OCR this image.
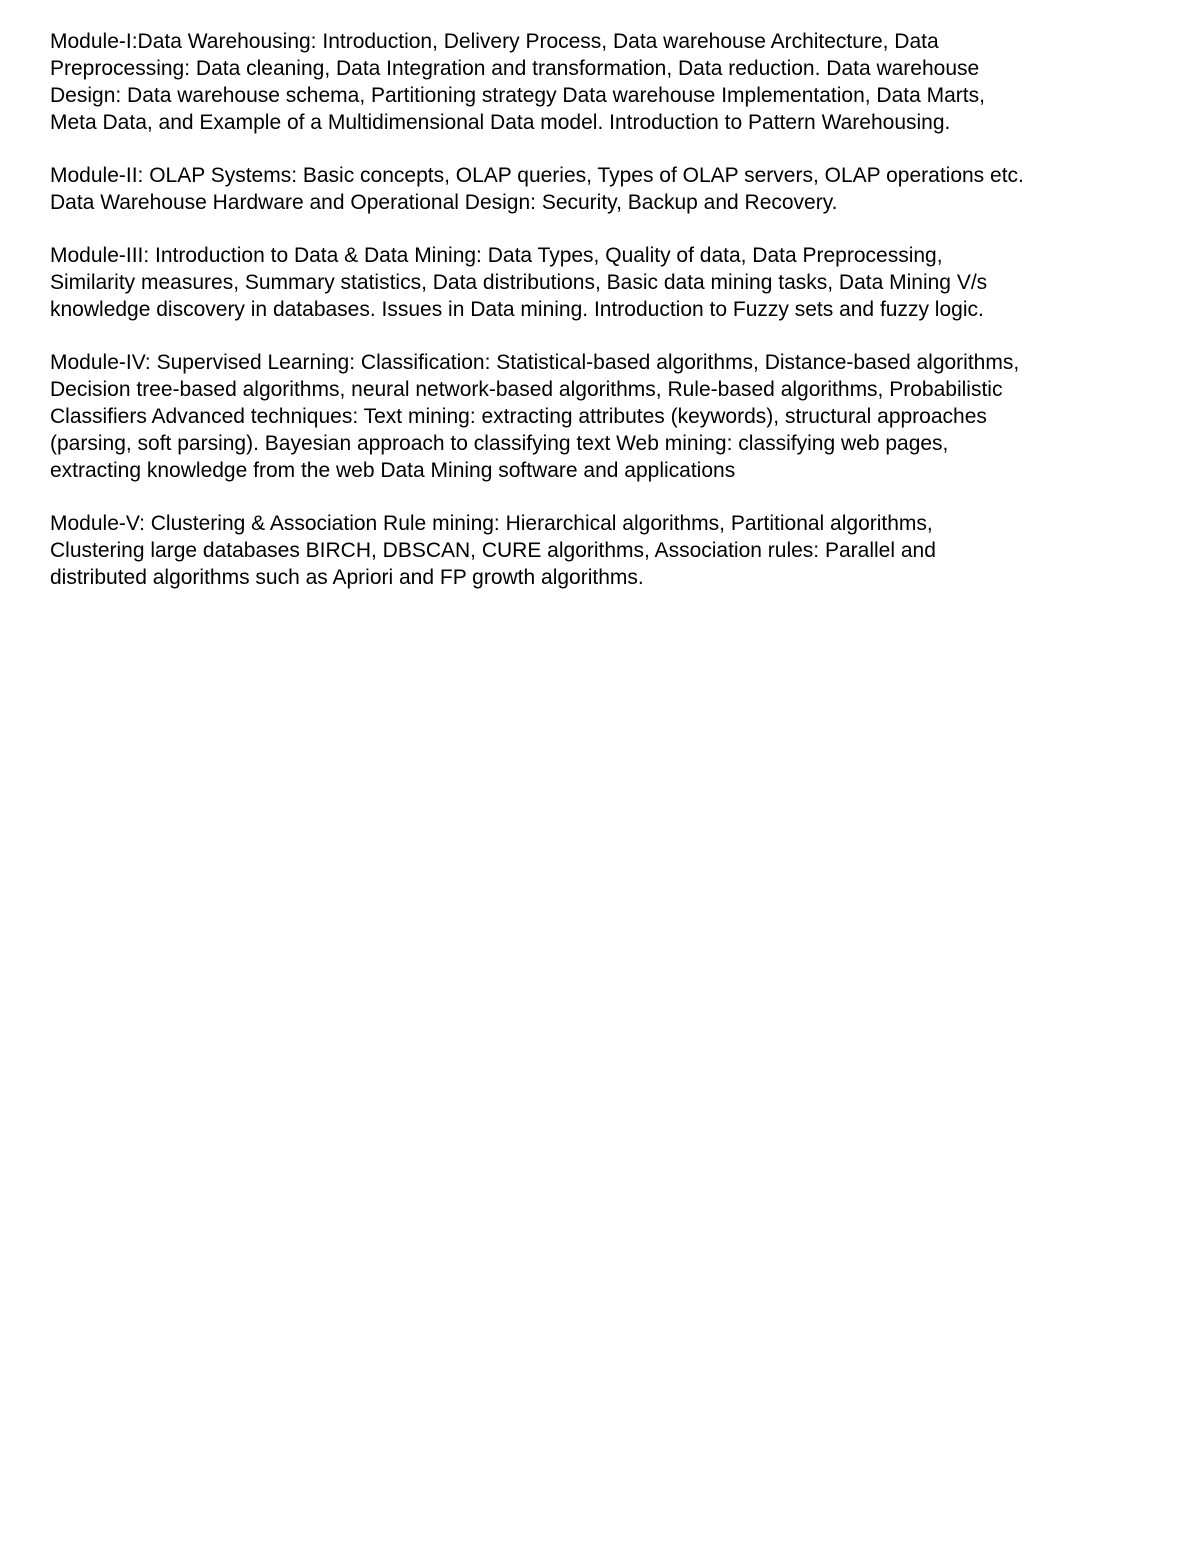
Module-I:Data Warehousing: Introduction, Delivery Process, Data warehouse Architecture, Data
Preprocessing: Data cleaning, Data Integration and transformation, Data reduction. Data warehouse
Design: Data warehouse schema, Partitioning strategy Data warehouse Implementation, Data Marts,
Meta Data, and Example of a Multidimensional Data model. Introduction to Pattern Warehousing.

Module-II: OLAP Systems: Basic concepts, OLAP queries, Types of OLAP servers, OLAP operations etc.
Data Warehouse Hardware and Operational Design: Security, Backup and Recovery.

Module-III: Introduction to Data & Data Mining: Data Types, Quality of data, Data Preprocessing,
Similarity measures, Summary statistics, Data distributions, Basic data mining tasks, Data Mining V/s
knowledge discovery in databases. Issues in Data mining. Introduction to Fuzzy sets and fuzzy logic.

Module-IV: Supervised Learning: Classification: Statistical-based algorithms, Distance-based algorithms,
Decision tree-based algorithms, neural network-based algorithms, Rule-based algorithms, Probabilistic
Classifiers Advanced techniques: Text mining: extracting attributes (keywords), structural approaches
(parsing, soft parsing). Bayesian approach to classifying text Web mining: classifying web pages,
extracting knowledge from the web Data Mining software and applications

Module-V: Clustering & Association Rule mining: Hierarchical algorithms, Partitional algorithms,
Clustering large databases BIRCH, DBSCAN, CURE algorithms, Association rules: Parallel and
distributed algorithms such as Apriori and FP growth algorithms.
